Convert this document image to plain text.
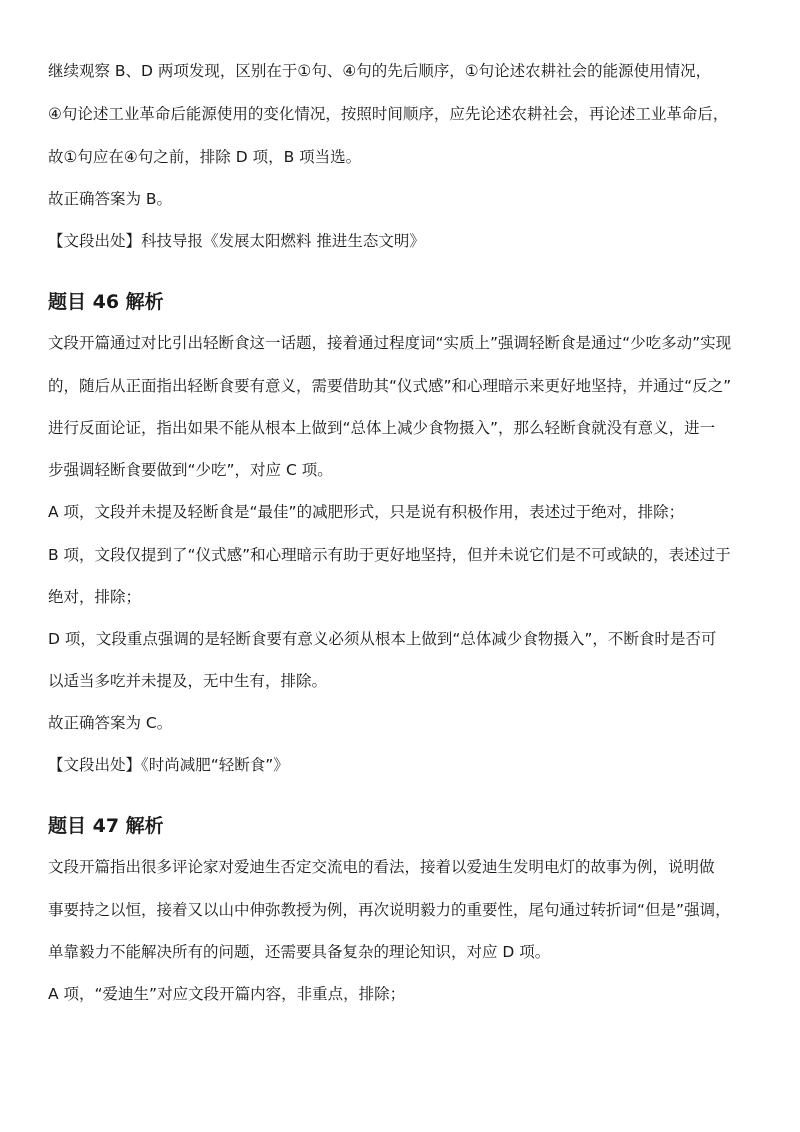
继续观察 B、D 两项发现，区别在于①句、④句的先后顺序，①句论述农耕社会的能源使用情况，
④句论述工业革命后能源使用的变化情况，按照时间顺序，应先论述农耕社会，再论述工业革命后，
故①句应在④句之前，排除 D 项，B 项当选。
故正确答案为 B。
【文段出处】科技导报《发展太阳燃料 推进生态文明》
题目 46 解析
文段开篇通过对比引出轻断食这一话题，接着通过程度词“实质上”强调轻断食是通过“少吃多动”实现
的，随后从正面指出轻断食要有意义，需要借助其“仪式感”和心理暗示来更好地坚持，并通过“反之”
进行反面论证，指出如果不能从根本上做到“总体上减少食物摄入”，那么轻断食就没有意义，进一
步强调轻断食要做到“少吃”，对应 C 项。
A 项，文段并未提及轻断食是“最佳”的减肥形式，只是说有积极作用，表述过于绝对，排除；
B 项，文段仅提到了“仪式感”和心理暗示有助于更好地坚持，但并未说它们是不可或缺的，表述过于
绝对，排除；
D 项，文段重点强调的是轻断食要有意义必须从根本上做到“总体减少食物摄入”，不断食时是否可
以适当多吃并未提及，无中生有，排除。
故正确答案为 C。
【文段出处】《时尚减肥“轻断食”》
题目 47 解析
文段开篇指出很多评论家对爱迪生否定交流电的看法，接着以爱迪生发明电灯的故事为例，说明做
事要持之以恒，接着又以山中伸弥教授为例，再次说明毅力的重要性，尾句通过转折词“但是”强调，
单靠毅力不能解决所有的问题，还需要具备复杂的理论知识，对应 D 项。
A 项，“爱迪生”对应文段开篇内容，非重点，排除；
